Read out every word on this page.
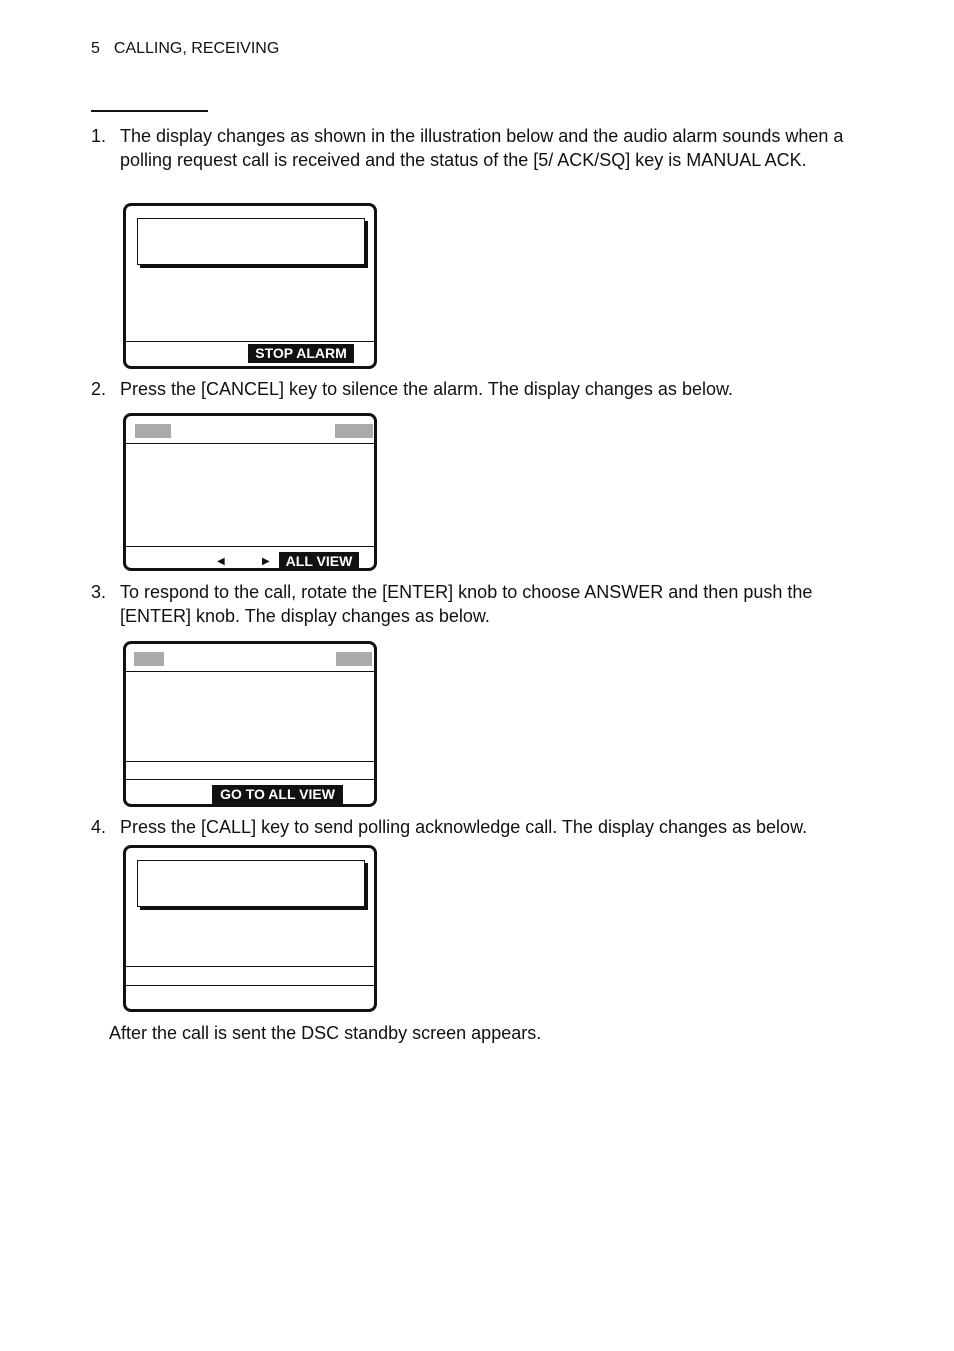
5 CALLING, RECEIVING
1. The display changes as shown in the illustration below and the audio alarm sounds when a polling request call is received and the status of the [5/ ACK/SQ] key is MANUAL ACK.
STOP ALARM
2. Press the [CANCEL] key to silence the alarm. The display changes as below.
◀	▶	ALL VIEW
3. To respond to the call, rotate the [ENTER] knob to choose ANSWER and then push the [ENTER] knob. The display changes as below.
GO TO ALL VIEW
4. Press the [CALL] key to send polling acknowledge call. The display changes as below.
After the call is sent the DSC standby screen appears.
